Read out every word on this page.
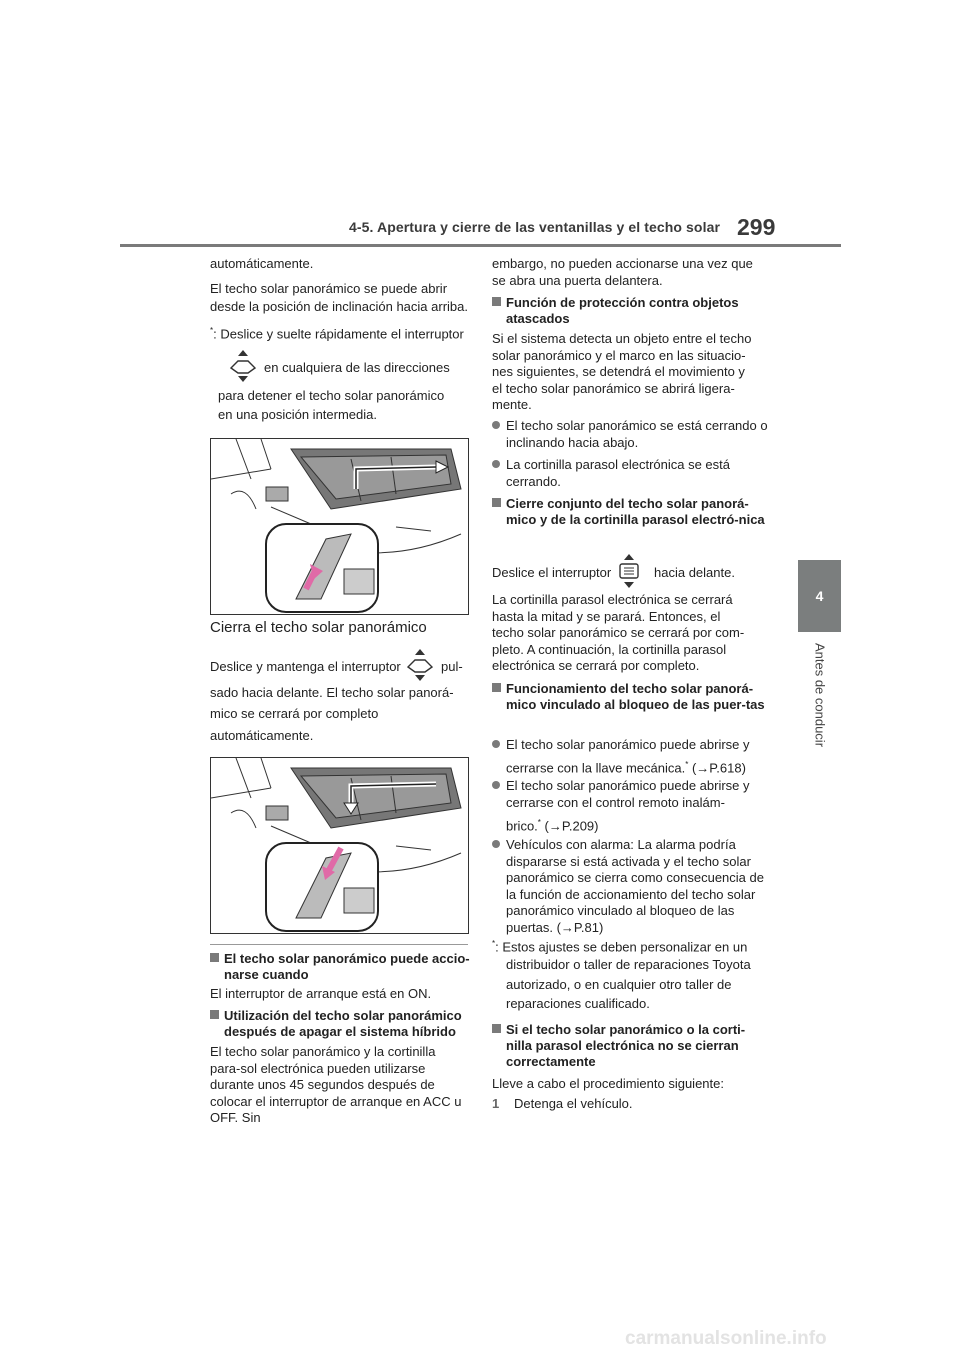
4-5. Apertura y cierre de las ventanillas y el techo solar 299
4
Antes de conducir
automáticamente.
El techo solar panorámico se puede abrir
desde la posición de inclinación hacia arriba.
*: Deslice y suelte rápidamente el interruptor
en cualquiera de las direcciones
para detener el techo solar panorámico
en una posición intermedia.
Cierra el techo solar panorámico
Deslice y mantenga el interruptor	pul-
sado hacia delante. El techo solar panorá-
mico se cerrará por completo
automáticamente.
El techo solar panorámico puede accio-narse cuando
El interruptor de arranque está en ON.
Utilización del techo solar panorámico después de apagar el sistema híbrido
El techo solar panorámico y la cortinilla para-sol electrónica pueden utilizarse durante unos 45 segundos después de colocar el interruptor de arranque en ACC u OFF. Sin
embargo, no pueden accionarse una vez que se abra una puerta delantera.
Función de protección contra objetos atascados
Si el sistema detecta un objeto entre el techo solar panorámico y el marco en las situacio-nes siguientes, se detendrá el movimiento y el techo solar panorámico se abrirá ligera-mente.
El techo solar panorámico se está cerrando o inclinando hacia abajo.
La cortinilla parasol electrónica se está cerrando.
Cierre conjunto del techo solar panorá-mico y de la cortinilla parasol electró-nica
Deslice el interruptor	hacia delante.
La cortinilla parasol electrónica se cerrará hasta la mitad y se parará. Entonces, el techo solar panorámico se cerrará por com-pleto. A continuación, la cortinilla parasol electrónica se cerrará por completo.
Funcionamiento del techo solar panorá-mico vinculado al bloqueo de las puer-tas
El techo solar panorámico puede abrirse y
cerrarse con la llave mecánica.* (→P.618)
El techo solar panorámico puede abrirse y cerrarse con el control remoto inalám-
brico.* (→P.209)
Vehículos con alarma: La alarma podría dispararse si está activada y el techo solar panorámico se cierra como consecuencia de la función de accionamiento del techo solar panorámico vinculado al bloqueo de las puertas. (→P.81)
*: Estos ajustes se deben personalizar en un
distribuidor o taller de reparaciones Toyota
autorizado, o en cualquier otro taller de
reparaciones cualificado.
Si el techo solar panorámico o la corti-nilla parasol electrónica no se cierran correctamente
Lleve a cabo el procedimiento siguiente:
1 Detenga el vehículo.
carmanualsonline.info
